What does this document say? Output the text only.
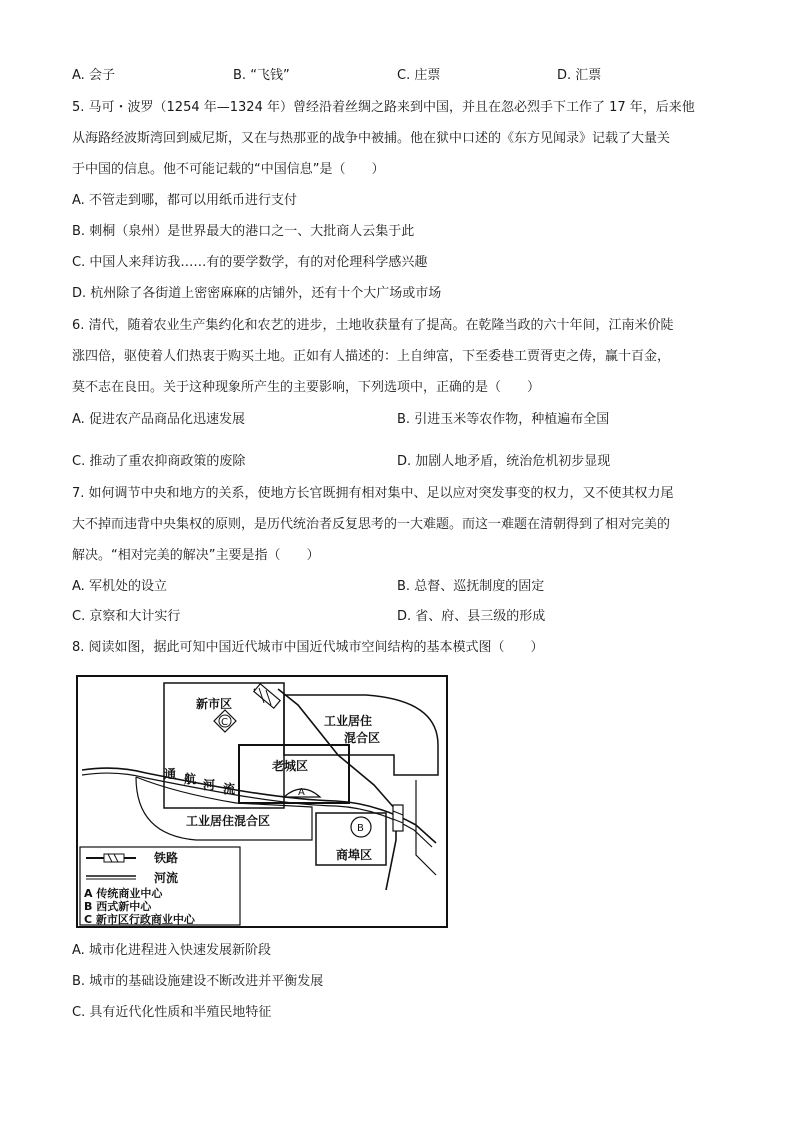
A. 会子	B. “飞钱”	C. 庄票	D. 汇票
5. 马可・波罗（1254 年—1324 年）曾经沿着丝绸之路来到中国，并且在忽必烈手下工作了 17 年，后来他
从海路经波斯湾回到威尼斯，又在与热那亚的战争中被捕。他在狱中口述的《东方见闻录》记载了大量关
于中国的信息。他不可能记载的“中国信息”是（　　）
A. 不管走到哪，都可以用纸币进行支付
B. 刺桐（泉州）是世界最大的港口之一、大批商人云集于此
C. 中国人来拜访我……有的要学数学，有的对伦理科学感兴趣
D. 杭州除了各街道上密密麻麻的店铺外，还有十个大广场或市场
6. 清代，随着农业生产集约化和农艺的进步，土地收获量有了提高。在乾隆当政的六十年间，江南米价陡
涨四倍，驱使着人们热衷于购买土地。正如有人描述的：上自绅富，下至委巷工贾胥吏之俦，赢十百金，
莫不志在良田。关于这种现象所产生的主要影响，下列选项中，正确的是（　　）
A. 促进农产品商品化迅速发展	B. 引进玉米等农作物，种植遍布全国
C. 推动了重农抑商政策的废除	D. 加剧人地矛盾，统治危机初步显现
7. 如何调节中央和地方的关系，使地方长官既拥有相对集中、足以应对突发事变的权力，又不使其权力尾
大不掉而违背中央集权的原则，是历代统治者反复思考的一大难题。而这一难题在清朝得到了相对完美的
解决。“相对完美的解决”主要是指（　　）
A. 军机处的设立	B. 总督、巡抚制度的固定
C. 京察和大计实行	D. 省、府、县三级的形成
8. 阅读如图，据此可知中国近代城市中国近代城市空间结构的基本模式图（　　）
新市区
C	工业居住
混合区
老城区
A
通 航 河 流
工业居住混合区
B
商埠区
铁路
河流
A 传统商业中心
B 西式新中心
C 新市区行政商业中心
A. 城市化进程进入快速发展新阶段
B. 城市的基础设施建设不断改进并平衡发展
C. 具有近代化性质和半殖民地特征
